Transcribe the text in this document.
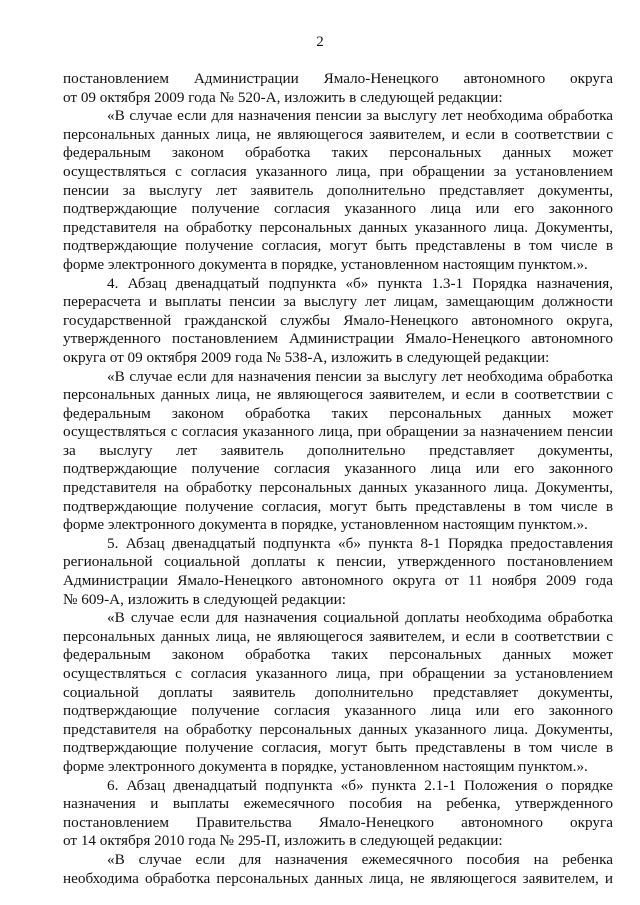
2
постановлением Администрации Ямало-Ненецкого автономного округа
от 09 октября 2009 года № 520-А, изложить в следующей редакции:
«В случае если для назначения пенсии за выслугу лет необходима обработка
персональных данных лица, не являющегося заявителем, и если в соответствии с
федеральным законом обработка таких персональных данных может
осуществляться с согласия указанного лица, при обращении за установлением
пенсии за выслугу лет заявитель дополнительно представляет документы,
подтверждающие получение согласия указанного лица или его законного
представителя на обработку персональных данных указанного лица. Документы,
подтверждающие получение согласия, могут быть представлены в том числе в
форме электронного документа в порядке, установленном настоящим пунктом.».
4. Абзац двенадцатый подпункта «б» пункта 1.3-1 Порядка назначения,
перерасчета и выплаты пенсии за выслугу лет лицам, замещающим должности
государственной гражданской службы Ямало-Ненецкого автономного округа,
утвержденного постановлением Администрации Ямало-Ненецкого автономного
округа от 09 октября 2009 года № 538-А, изложить в следующей редакции:
«В случае если для назначения пенсии за выслугу лет необходима обработка
персональных данных лица, не являющегося заявителем, и если в соответствии с
федеральным законом обработка таких персональных данных может
осуществляться с согласия указанного лица, при обращении за назначением пенсии
за выслугу лет заявитель дополнительно представляет документы,
подтверждающие получение согласия указанного лица или его законного
представителя на обработку персональных данных указанного лица. Документы,
подтверждающие получение согласия, могут быть представлены в том числе в
форме электронного документа в порядке, установленном настоящим пунктом.».
5. Абзац двенадцатый подпункта «б» пункта 8-1 Порядка предоставления
региональной социальной доплаты к пенсии, утвержденного постановлением
Администрации Ямало-Ненецкого автономного округа от 11 ноября 2009 года
№ 609-А, изложить в следующей редакции:
«В случае если для назначения социальной доплаты необходима обработка
персональных данных лица, не являющегося заявителем, и если в соответствии с
федеральным законом обработка таких персональных данных может
осуществляться с согласия указанного лица, при обращении за установлением
социальной доплаты заявитель дополнительно представляет документы,
подтверждающие получение согласия указанного лица или его законного
представителя на обработку персональных данных указанного лица. Документы,
подтверждающие получение согласия, могут быть представлены в том числе в
форме электронного документа в порядке, установленном настоящим пунктом.».
6. Абзац двенадцатый подпункта «б» пункта 2.1-1 Положения о порядке
назначения и выплаты ежемесячного пособия на ребенка, утвержденного
постановлением Правительства Ямало-Ненецкого автономного округа
от 14 октября 2010 года № 295-П, изложить в следующей редакции:
«В случае если для назначения ежемесячного пособия на ребенка
необходима обработка персональных данных лица, не являющегося заявителем, и
